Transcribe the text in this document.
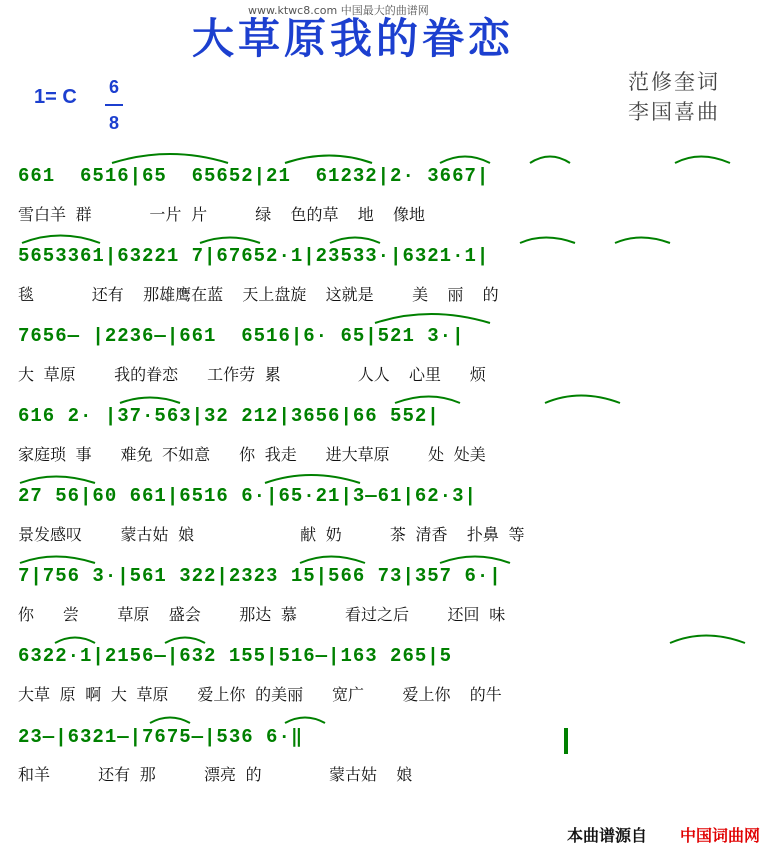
www.ktwc8.com 中国最大的曲谱网
大草原我的眷恋
1= C	6
8
范修奎词
李国喜曲
661  6516|65  65652|21  61232|2· 3667|
雪白羊 群      一片 片     绿  色的草  地  像地
5653361|63221 7|67652·1|23533·|6321·1|
毯      还有  那雄鹰在蓝  天上盘旋  这就是    美  丽  的
7656— |2236—|661  6516|6· 65|521 3·|
大 草原    我的眷恋   工作劳 累        人人  心里   烦
616 2· |37·563|32 212|3656|66 552|
家庭琐 事   难免 不如意   你 我走   进大草原    处 处美
27 56|60 661|6516 6·|65·21|3—61|62·3|
景发感叹    蒙古姑 娘           献 奶     茶 清香  扑鼻 等
7|756 3·|561 322|2323 15|566 73|357 6·|
你   尝    草原  盛会    那达 慕     看过之后    还回 味
6322·1|2156—|632 155|516—|163 265|5
大草 原 啊 大 草原   爱上你 的美丽   宽广    爱上你  的牛
23—|6321—|7675—|536 6·‖
和羊     还有 那     漂亮 的       蒙古姑  娘
本曲谱源自 中国词曲网
